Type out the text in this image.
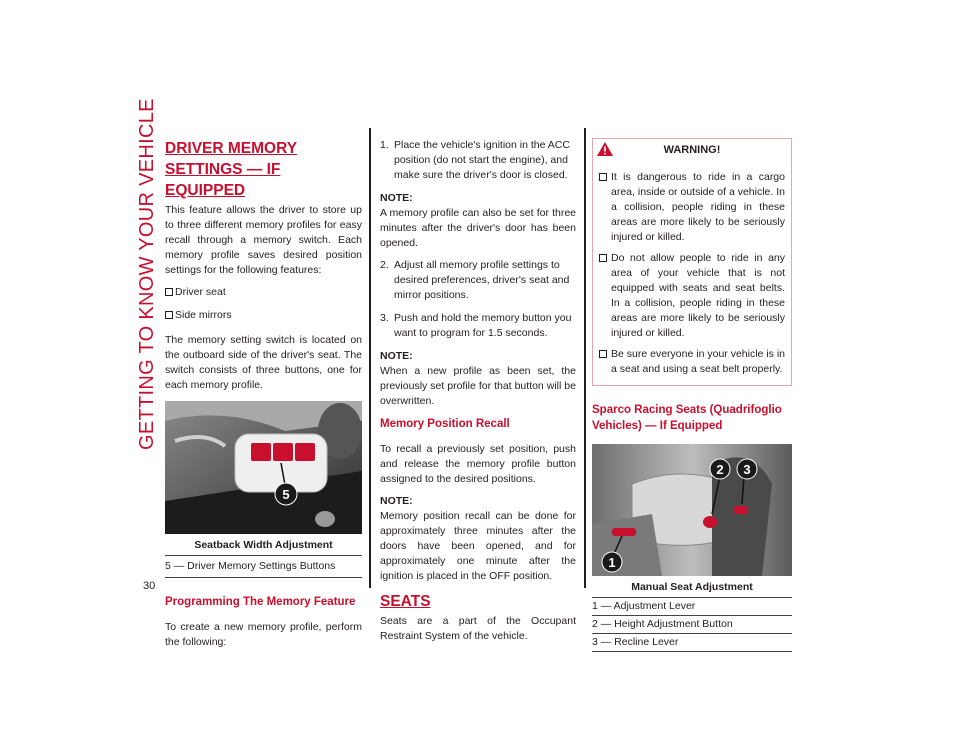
GETTING TO KNOW YOUR VEHICLE
30
DRIVER MEMORY SETTINGS — IF EQUIPPED

This feature allows the driver to store up to three different memory profiles for easy recall through a memory switch. Each memory profile saves desired position settings for the following features:

Driver seat
Side mirrors

The memory setting switch is located on the outboard side of the driver's seat. The switch consists of three buttons, one for each memory profile.

5
Seatback Width Adjustment
5 — Driver Memory Settings Buttons
Programming The Memory Feature

To create a new memory profile, perform the following:

1. Place the vehicle's ignition in the ACC position (do not start the engine), and make sure the driver's door is closed.
NOTE:

A memory profile can also be set for three minutes after the driver's door has been opened.

2. Adjust all memory profile settings to desired preferences, driver's seat and mirror positions.
3. Push and hold the memory button you want to program for 1.5 seconds.
NOTE:

When a new profile as been set, the previously set profile for that button will be overwritten.

Memory Position Recall

To recall a previously set position, push and release the memory profile button assigned to the desired positions.

NOTE:

Memory position recall can be done for approximately three minutes after the doors have been opened, and for approximately one minute after the ignition is placed in the OFF position.

SEATS

Seats are a part of the Occupant Restraint System of the vehicle.

WARNING!
It is dangerous to ride in a cargo area, inside or outside of a vehicle. In a collision, people riding in these areas are more likely to be seriously injured or killed.
Do not allow people to ride in any area of your vehicle that is not equipped with seats and seat belts. In a collision, people riding in these areas are more likely to be seriously injured or killed.
Be sure everyone in your vehicle is in a seat and using a seat belt properly.
Sparco Racing Seats (Quadrifoglio Vehicles) — If Equipped
1
2 3
Manual Seat Adjustment
1 — Adjustment Lever
2 — Height Adjustment Button
3 — Recline Lever
